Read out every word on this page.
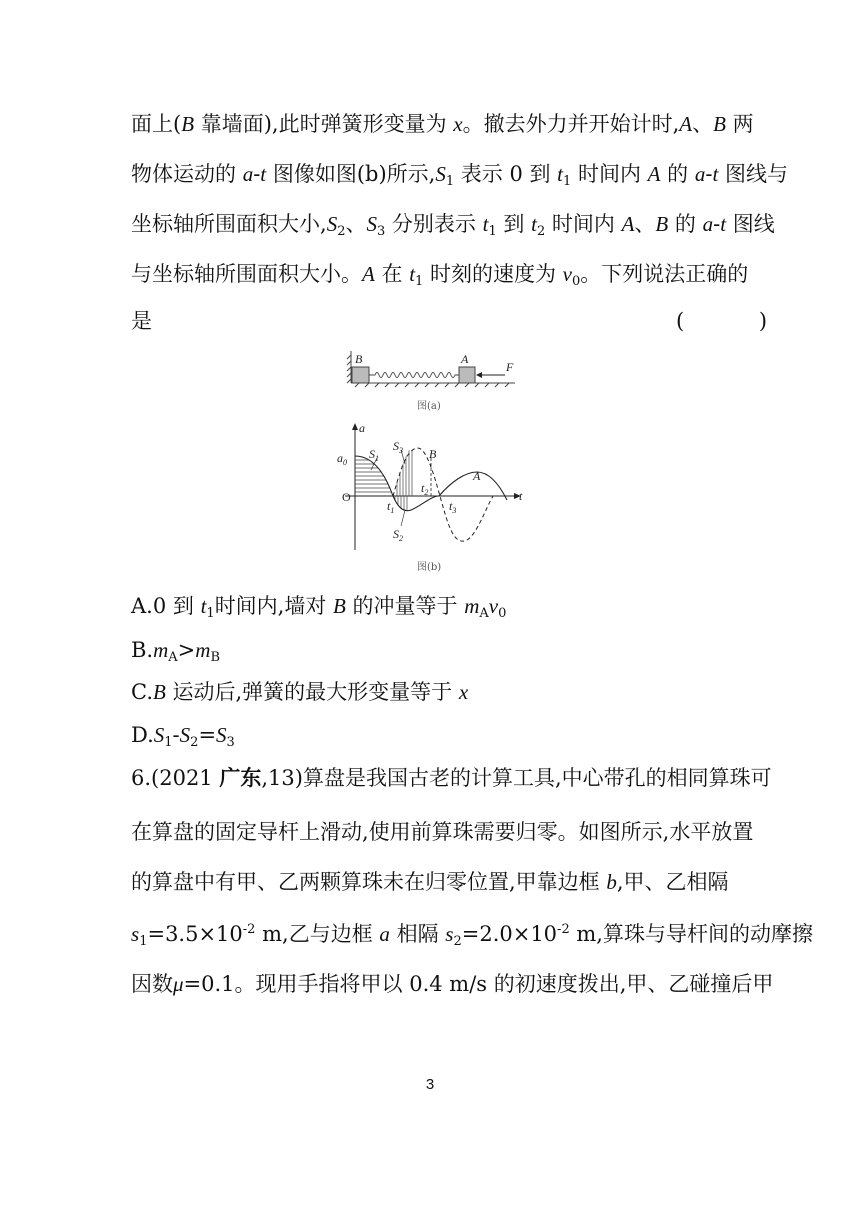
面上(B 靠墙面),此时弹簧形变量为 x。撤去外力并开始计时,A、B 两
物体运动的 a-t 图像如图(b)所示$,S_1$ 表示 0 到 $t_1$ 时间内 A 的 a-t 图线与
坐标轴所围面积大小$,S_2$、$S_3$ 分别表示 $t_1$ 到 $t_2$ 时间内 A、B 的 a-t 图线
与坐标轴所围面积大小。A 在 $t_1$ 时刻的速度为 $v_0$。下列说法正确的
是	( )
B	A
F
图(a)
a
t
O
$a_0$
$S_1$
$S_3$
$S_2$
$t_1$
$t_2$
$t_3$
B
A
图(b)
A.0 到 $t_1$时间内,墙对 B 的冲量等于 $m_Av_0$
$B.m_A>m_B$
C.B 运动后,弹簧的最大形变量等于 x
$D.S_1-S_2=S_3$
6.(2021 广东,13)算盘是我国古老的计算工具,中心带孔的相同算珠可
在算盘的固定导杆上滑动,使用前算珠需要归零。如图所示,水平放置
的算盘中有甲、乙两颗算珠未在归零位置,甲靠边框 b,甲、乙相隔
$s_1=3.5\times 10^{-2}$ m,乙与边框 a 相隔 $s_2=2.0\times 10^{-2}$ m,算珠与导杆间的动摩擦
因数μ=0.1。现用手指将甲以 0.4 m/s 的初速度拨出,甲、乙碰撞后甲
3
